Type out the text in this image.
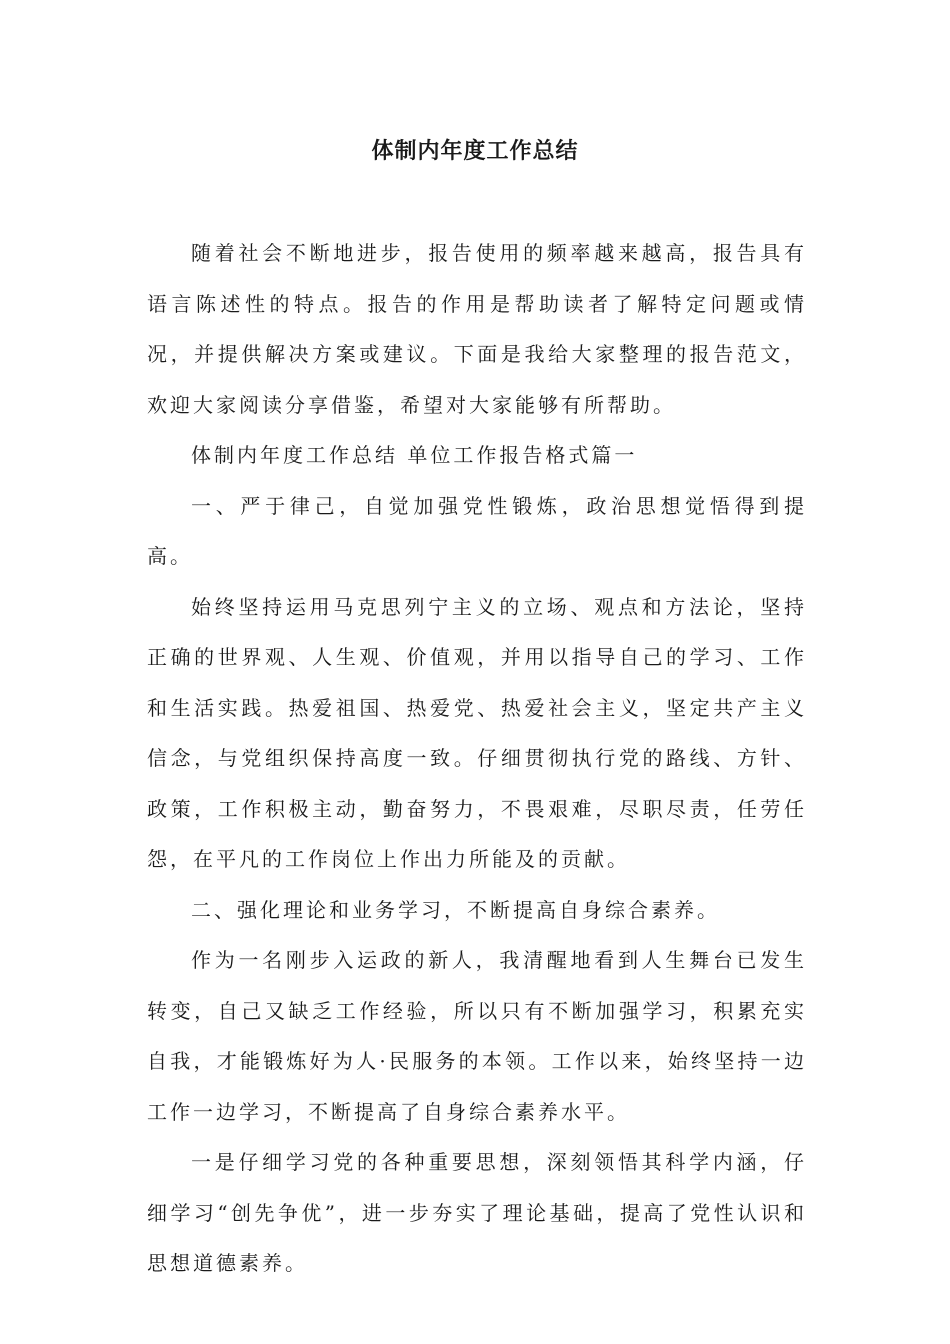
体制内年度工作总结

随着社会不断地进步，报告使用的频率越来越高，报告具有语言陈述性的特点。报告的作用是帮助读者了解特定问题或情况，并提供解决方案或建议。下面是我给大家整理的报告范文，欢迎大家阅读分享借鉴，希望对大家能够有所帮助。

体制内年度工作总结 单位工作报告格式篇一

一、严于律己，自觉加强党性锻炼，政治思想觉悟得到提高。

始终坚持运用马克思列宁主义的立场、观点和方法论，坚持正确的世界观、人生观、价值观，并用以指导自己的学习、工作和生活实践。热爱祖国、热爱党、热爱社会主义，坚定共产主义信念，与党组织保持高度一致。仔细贯彻执行党的路线、方针、政策，工作积极主动，勤奋努力，不畏艰难，尽职尽责，任劳任怨，在平凡的工作岗位上作出力所能及的贡献。

二、强化理论和业务学习，不断提高自身综合素养。

作为一名刚步入运政的新人，我清醒地看到人生舞台已发生转变，自己又缺乏工作经验，所以只有不断加强学习，积累充实自我，才能锻炼好为人·民服务的本领。工作以来，始终坚持一边工作一边学习，不断提高了自身综合素养水平。

一是仔细学习党的各种重要思想，深刻领悟其科学内涵，仔细学习“创先争优”，进一步夯实了理论基础，提高了党性认识和思想道德素养。
